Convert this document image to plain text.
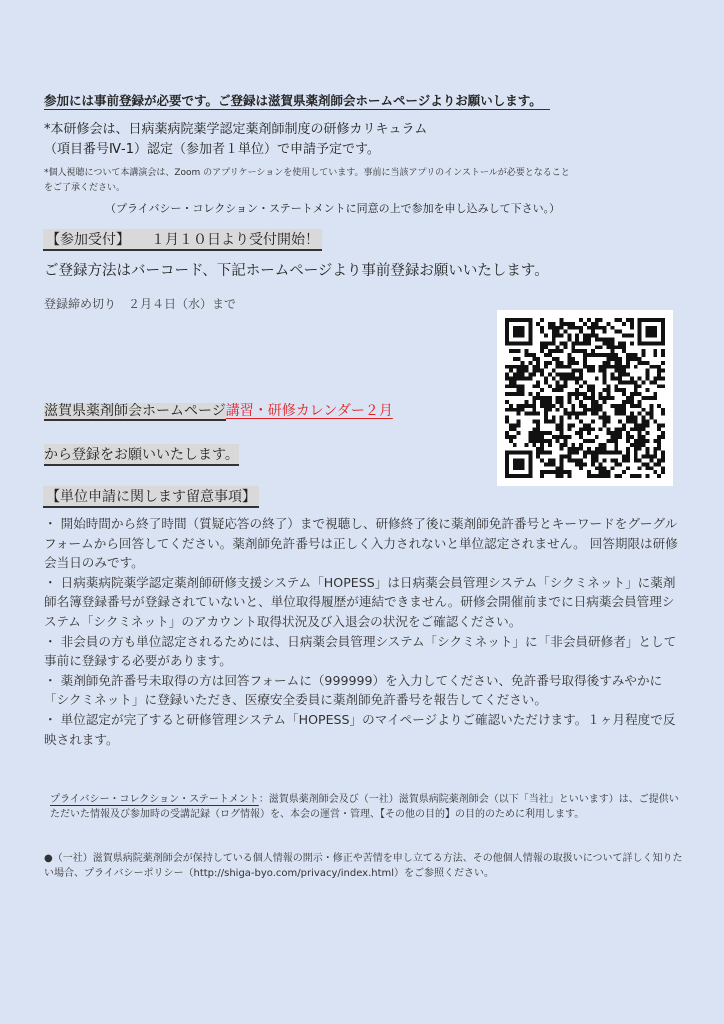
参加には事前登録が必要です。ご登録は滋賀県薬剤師会ホームページよりお願いします。
*本研修会は、日病薬病院薬学認定薬剤師制度の研修カリキュラム
（項目番号Ⅳ-1）認定（参加者１単位）で申請予定です。
*個人視聴について本講演会は、Zoom のアプリケーションを使用しています。事前に当該アプリのインストールが必要となること
をご了承ください。
（プライバシー・コレクション・ステートメントに同意の上で参加を申し込みして下さい。）
【参加受付】　　１月１０日より受付開始！
ご登録方法はバーコード、下記ホームページより事前登録お願いいたします。
登録締め切り　２月４日（水）まで
滋賀県薬剤師会ホームページ講習・研修カレンダー２月
から登録をお願いいたします。
【単位申請に関します留意事項】

・ 開始時間から終了時間（質疑応答の終了）まで視聴し、研修終了後に薬剤師免許番号とキーワードをグーグルフォームから回答してください。薬剤師免許番号は正しく入力されないと単位認定されません。 回答期限は研修会当日のみです。

・ 日病薬病院薬学認定薬剤師研修支援システム「HOPESS」は日病薬会員管理システム「シクミネット」に薬剤師名簿登録番号が登録されていないと、単位取得履歴が連結できません。研修会開催前までに日病薬会員管理システム「シクミネット」のアカウント取得状況及び入退会の状況をご確認ください。

・ 非会員の方も単位認定されるためには、日病薬会員管理システム「シクミネット」に「非会員研修者」として事前に登録する必要があります。

・ 薬剤師免許番号未取得の方は回答フォームに（999999）を入力してください、免許番号取得後すみやかに「シクミネット」に登録いただき、医療安全委員に薬剤師免許番号を報告してください。

・ 単位認定が完了すると研修管理システム「HOPESS」のマイページよりご確認いただけます。１ヶ月程度で反映されます。

プライバシー・コレクション・ステートメント：滋賀県薬剤師会及び（一社）滋賀県病院薬剤師会（以下「当社」といいます）は、ご提供いただいた情報及び参加時の受講記録（ログ情報）を、本会の運営・管理、【その他の目的】の目的のために利用します。
●（一社）滋賀県病院薬剤師会が保持している個人情報の開示・修正や苦情を申し立てる方法、その他個人情報の取扱いについて詳しく知りたい場合、プライバシーポリシー（http://shiga-byo.com/privacy/index.html）をご参照ください。
